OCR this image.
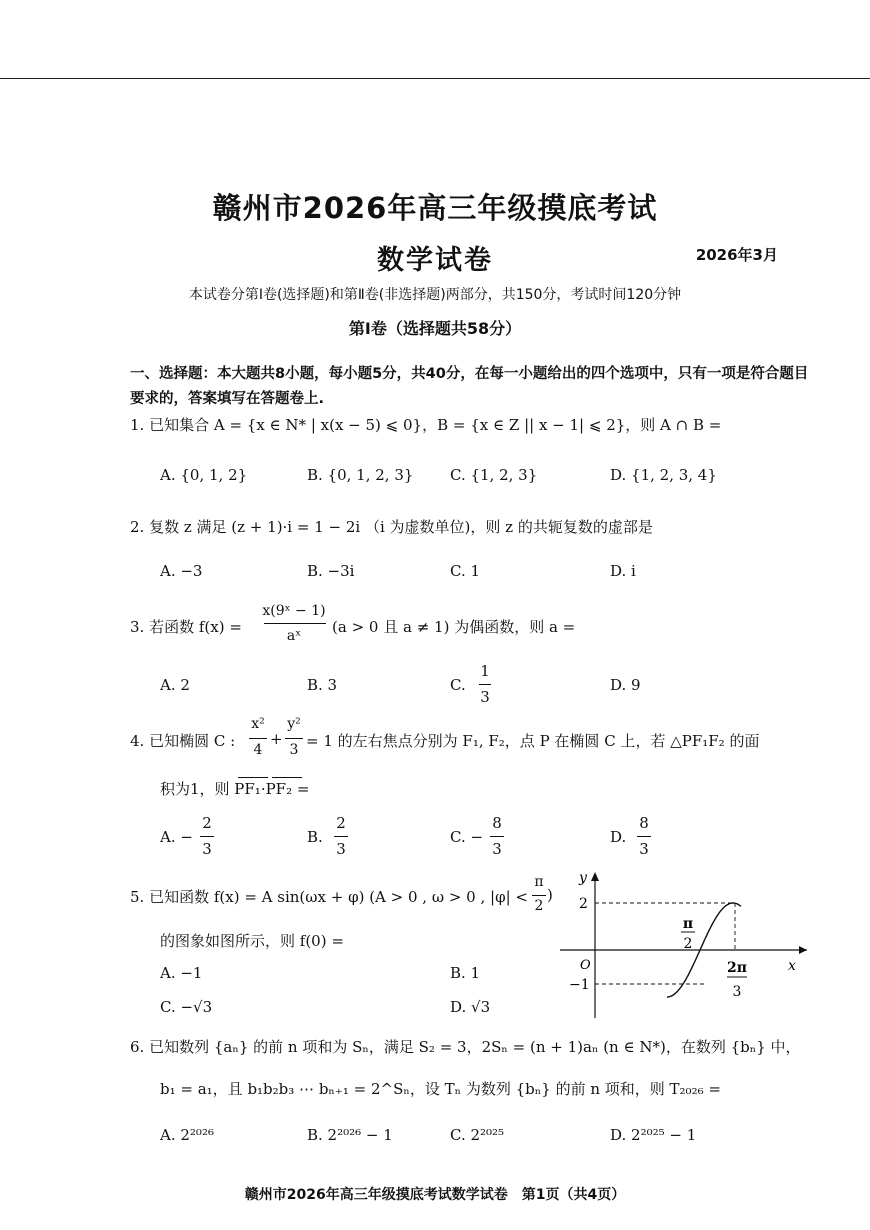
赣州市2026年高三年级摸底考试
数学试卷	2026年3月
本试卷分第Ⅰ卷(选择题)和第Ⅱ卷(非选择题)两部分，共150分，考试时间120分钟
第Ⅰ卷（选择题共58分）
一、选择题：本大题共8小题，每小题5分，共40分，在每一小题给出的四个选项中，只有一项是符合题目要求的，答案填写在答题卷上.
1. 已知集合 A = {x ∈ N* | x(x − 5) ⩽ 0}，B = {x ∈ Z || x − 1| ⩽ 2}，则 A ∩ B =
A. {0, 1, 2}	B. {0, 1, 2, 3} C. {1, 2, 3}	D. {1, 2, 3, 4}
2. 复数 z 满足 (z + 1)·i = 1 − 2i （i 为虚数单位)，则 z 的共轭复数的虚部是
A. −3	B. −3i	C. 1	D. i
3. 若函数 f(x) =
x(9ˣ − 1)
aˣ	(a > 0 且 a ≠ 1) 为偶函数，则 a =
A. 2	B. 3	C.
1
3
D. 9
4. 已知椭圆 C :
x²
4
+
y²
3 = 1 的左右焦点分别为 F₁, F₂，点 P 在椭圆 C 上，若 △PF₁F₂ 的面
积为1，则 PF₁·PF₂ =
A. −
2
3
B.
2
3
C. −
8
3
D.
8
3
5. 已知函数 f(x) = A sin(ωx + φ) (A > 0 , ω > 0 , |φ| <
π
2
)
的图象如图所示，则 f(0) =
A. −1	B. 1
C. −√3	D. √3
y
x
O
2
−1
π
2
2π
3
6. 已知数列 {aₙ} 的前 n 项和为 Sₙ，满足 S₂ = 3，2Sₙ = (n + 1)aₙ (n ∈ N*)，在数列 {bₙ} 中，
b₁ = a₁，且 b₁b₂b₃ ⋯ bₙ₊₁ = 2^Sₙ，设 Tₙ 为数列 {bₙ} 的前 n 项和，则 T₂₀₂₆ =
A. 2²⁰²⁶	B. 2²⁰²⁶ − 1	C. 2²⁰²⁵	D. 2²⁰²⁵ − 1
赣州市2026年高三年级摸底考试数学试卷　第1页（共4页）
